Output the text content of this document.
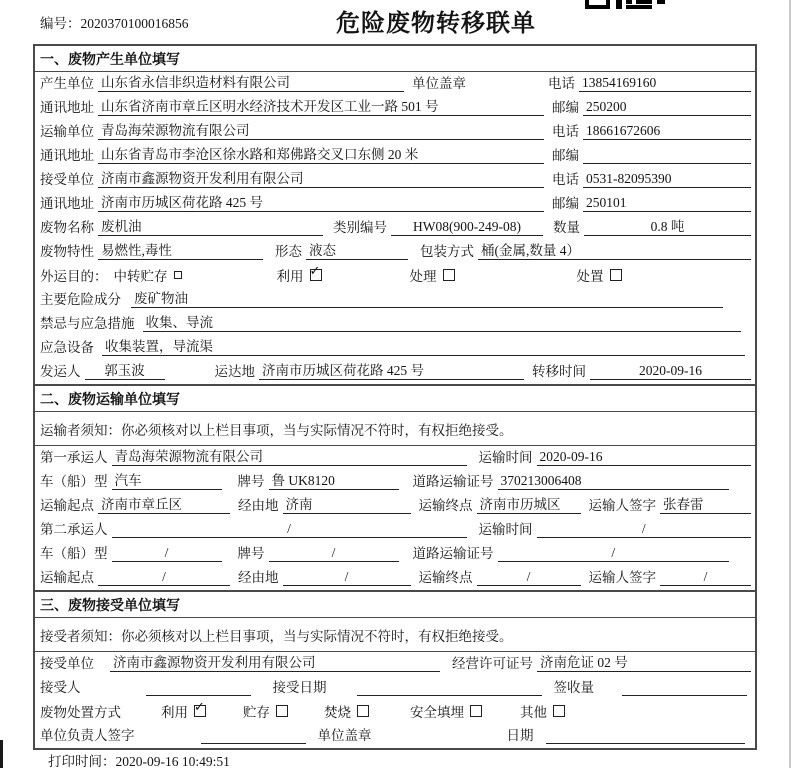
编号：2020370100016856	危险废物转移联单
一、废物产生单位填写
产生单位 山东省永信非织造材料有限公司	单位盖章	电话 13854169160
通讯地址 山东省济南市章丘区明水经济技术开发区工业一路 501 号	邮编 250200
运输单位 青岛海荣源物流有限公司	电话 18661672606
通讯地址 山东省青岛市李沧区徐水路和郑佛路交叉口东侧 20 米	邮编
接受单位 济南市鑫源物资开发利用有限公司	电话 0531-82095390
通讯地址 济南市历城区荷花路 425 号	邮编 250101
废物名称 废机油	类别编号	HW08(900-249-08)	数量	0.8 吨
废物特性 易燃性,毒性	形态 液态	包装方式 桶(金属,数量 4）
外运目的： 中转贮存	利用 ✓	处理	处置
主要危险成分 废矿物油
禁忌与应急措施 收集、导流
应急设备 收集装置，导流渠
发运人	郭玉波	运达地 济南市历城区荷花路 425 号	转移时间	2020-09-16
二、废物运输单位填写
运输者须知：你必须核对以上栏目事项，当与实际情况不符时，有权拒绝接受。
第一承运人 青岛海荣源物流有限公司	运输时间 2020-09-16
车（船）型 汽车	牌号 鲁 UK8120	道路运输证号 370213006408
运输起点 济南市章丘区	经由地 济南	运输终点 济南市历城区	运输人签字 张春雷
第二承运人	/	运输时间	/
车（船）型	/	牌号	/	道路运输证号	/
运输起点	/	经由地	/	运输终点	/	运输人签字	/
三、废物接受单位填写
接受者须知：你必须核对以上栏目事项，当与实际情况不符时，有权拒绝接受。
接受单位 济南市鑫源物资开发利用有限公司	经营许可证号 济南危证 02 号
接受人	接受日期	签收量
废物处置方式	利用 ✓	贮存	焚烧	安全填埋	其他
单位负责人签字	单位盖章	日期
打印时间：2020-09-16 10:49:51
